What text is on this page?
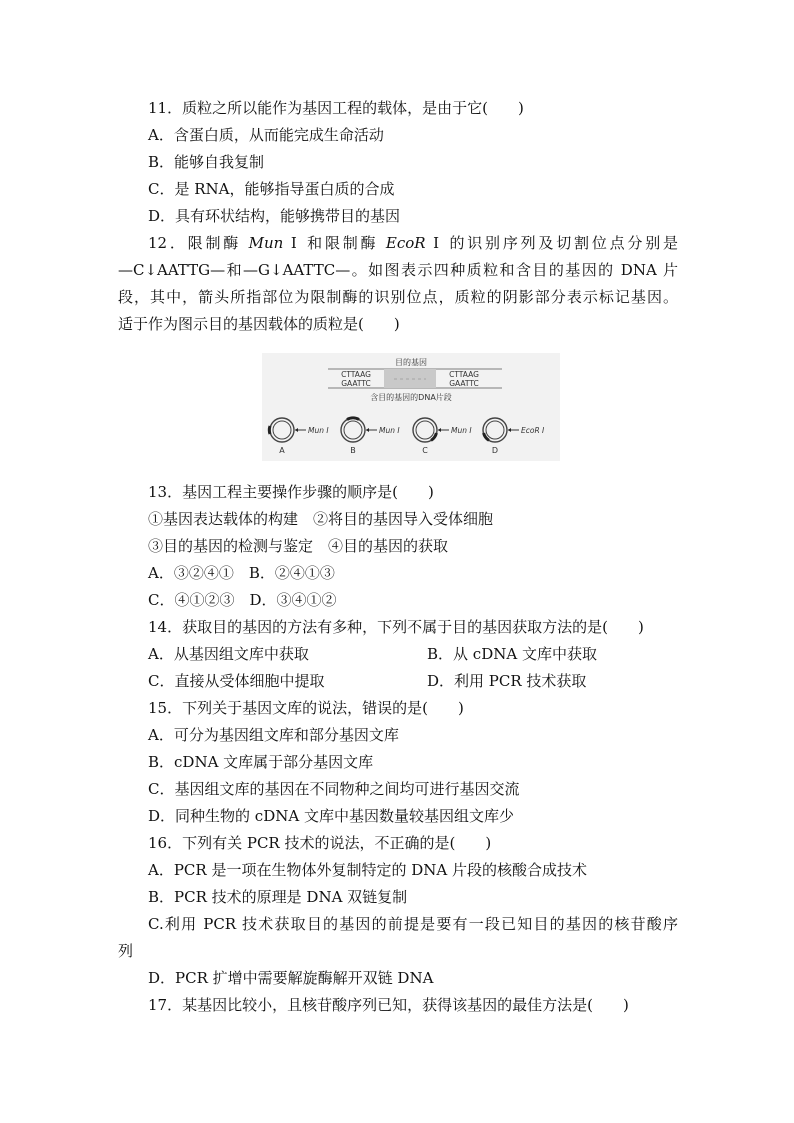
11．质粒之所以能作为基因工程的载体，是由于它(　　)
A．含蛋白质，从而能完成生命活动
B．能够自我复制
C．是 RNA，能够指导蛋白质的合成
D．具有环状结构，能够携带目的基因
12．限制酶 Mun Ⅰ 和限制酶 EcoR Ⅰ 的识别序列及切割位点分别是
—C↓AATTG—和—G↓AATTC—。如图表示四种质粒和含目的基因的 DNA 片
段，其中，箭头所指部位为限制酶的识别位点，质粒的阴影部分表示标记基因。
适于作为图示目的基因载体的质粒是(　　)
目的基因
CTTAAG
GAATTC
CTTAAG
GAATTC
含目的基因的DNA片段
Mun Ⅰ
A
Mun Ⅰ
B
Mun Ⅰ
C
EcoR Ⅰ
D
13．基因工程主要操作步骤的顺序是(　　)
①基因表达载体的构建　②将目的基因导入受体细胞
③目的基因的检测与鉴定　④目的基因的获取
A．③②④①　B．②④①③
C．④①②③　D．③④①②
14．获取目的基因的方法有多种，下列不属于目的基因获取方法的是(　　)
A．从基因组文库中获取	B．从 cDNA 文库中获取
C．直接从受体细胞中提取	D．利用 PCR 技术获取
15．下列关于基因文库的说法，错误的是(　　)
A．可分为基因组文库和部分基因文库
B．cDNA 文库属于部分基因文库
C．基因组文库的基因在不同物种之间均可进行基因交流
D．同种生物的 cDNA 文库中基因数量较基因组文库少
16．下列有关 PCR 技术的说法，不正确的是(　　)
A．PCR 是一项在生物体外复制特定的 DNA 片段的核酸合成技术
B．PCR 技术的原理是 DNA 双链复制
C.利用 PCR 技术获取目的基因的前提是要有一段已知目的基因的核苷酸序
列
D．PCR 扩增中需要解旋酶解开双链 DNA
17．某基因比较小，且核苷酸序列已知，获得该基因的最佳方法是(　　)
